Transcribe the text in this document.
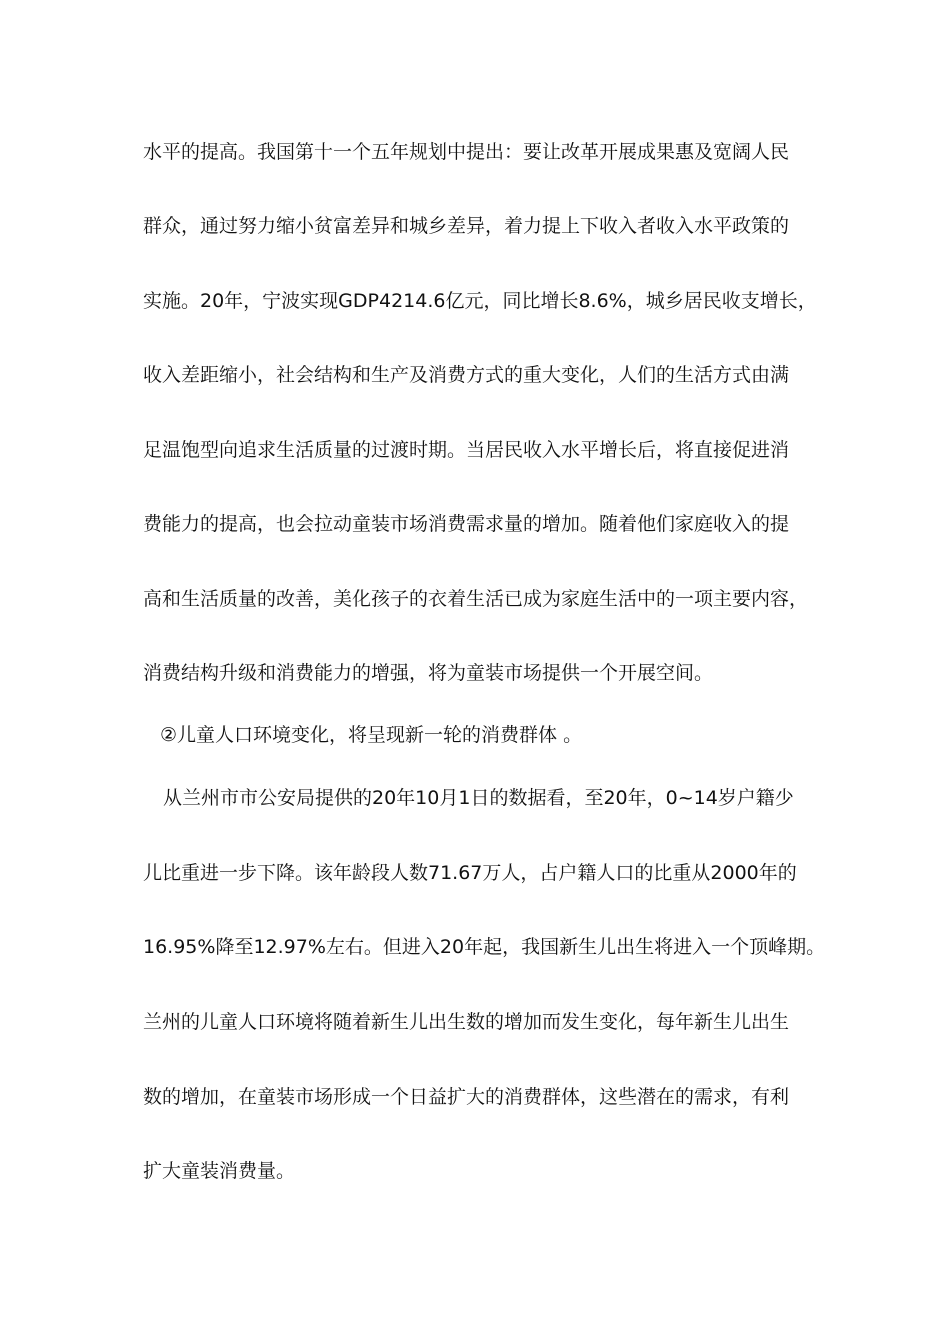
水平的提高。我国第十一个五年规划中提出：要让改革开展成果惠及宽阔人民
群众，通过努力缩小贫富差异和城乡差异，着力提上下收入者收入水平政策的
实施。20年，宁波实现GDP4214.6亿元，同比增长8.6%，城乡居民收支增长，
收入差距缩小，社会结构和生产及消费方式的重大变化，人们的生活方式由满
足温饱型向追求生活质量的过渡时期。当居民收入水平增长后，将直接促进消
费能力的提高，也会拉动童装市场消费需求量的增加。随着他们家庭收入的提
高和生活质量的改善，美化孩子的衣着生活已成为家庭生活中的一项主要内容，
消费结构升级和消费能力的增强，将为童装市场提供一个开展空间。
②儿童人口环境变化，将呈现新一轮的消费群体 。
从兰州市市公安局提供的20年10月1日的数据看，至20年，0~14岁户籍少
儿比重进一步下降。该年龄段人数71.67万人，占户籍人口的比重从2000年的
16.95%降至12.97%左右。但进入20年起，我国新生儿出生将进入一个顶峰期。
兰州的儿童人口环境将随着新生儿出生数的增加而发生变化，每年新生儿出生
数的增加，在童装市场形成一个日益扩大的消费群体，这些潜在的需求，有利
扩大童装消费量。
